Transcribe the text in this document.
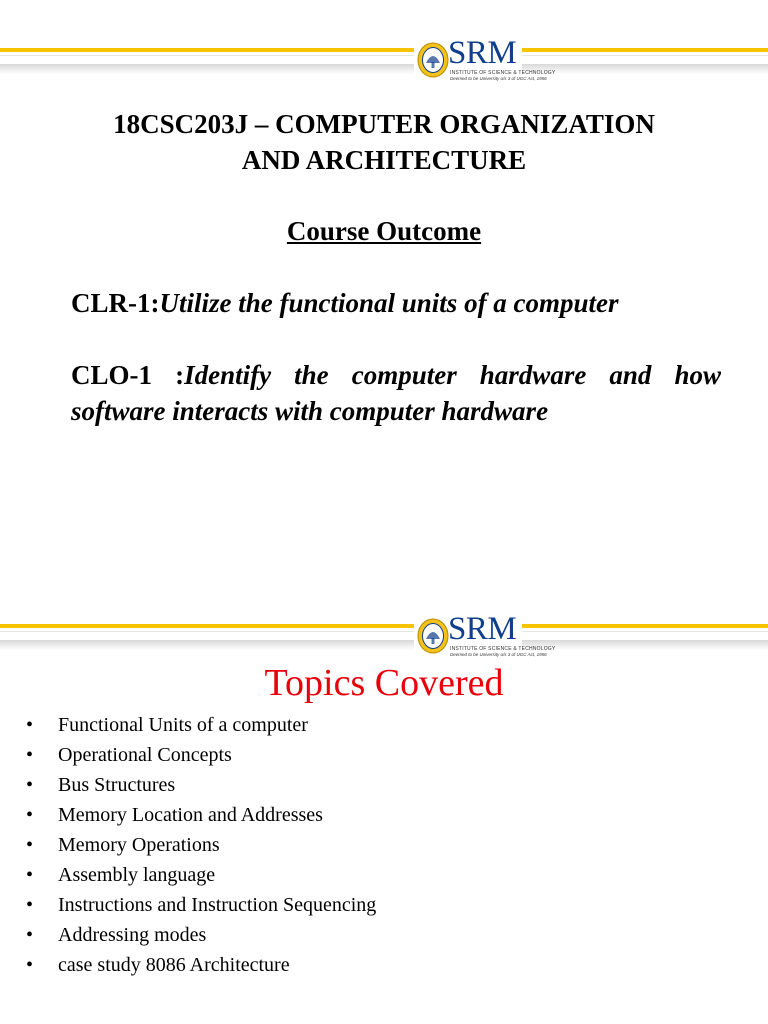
SRM
INSTITUTE OF SCIENCE & TECHNOLOGY
Deemed to be University u/s 3 of UGC Act, 1956
18CSC203J – COMPUTER ORGANIZATION
AND ARCHITECTURE
Course Outcome
CLR-1:Utilize the functional units of a computer
CLO-1 :Identify the computer hardware and how software interacts with computer hardware
SRM
INSTITUTE OF SCIENCE & TECHNOLOGY
Deemed to be University u/s 3 of UGC Act, 1956
Topics Covered
• Functional Units of a computer
• Operational Concepts
• Bus Structures
• Memory Location and Addresses
• Memory Operations
• Assembly language
• Instructions and Instruction Sequencing
• Addressing modes
• case study 8086 Architecture
